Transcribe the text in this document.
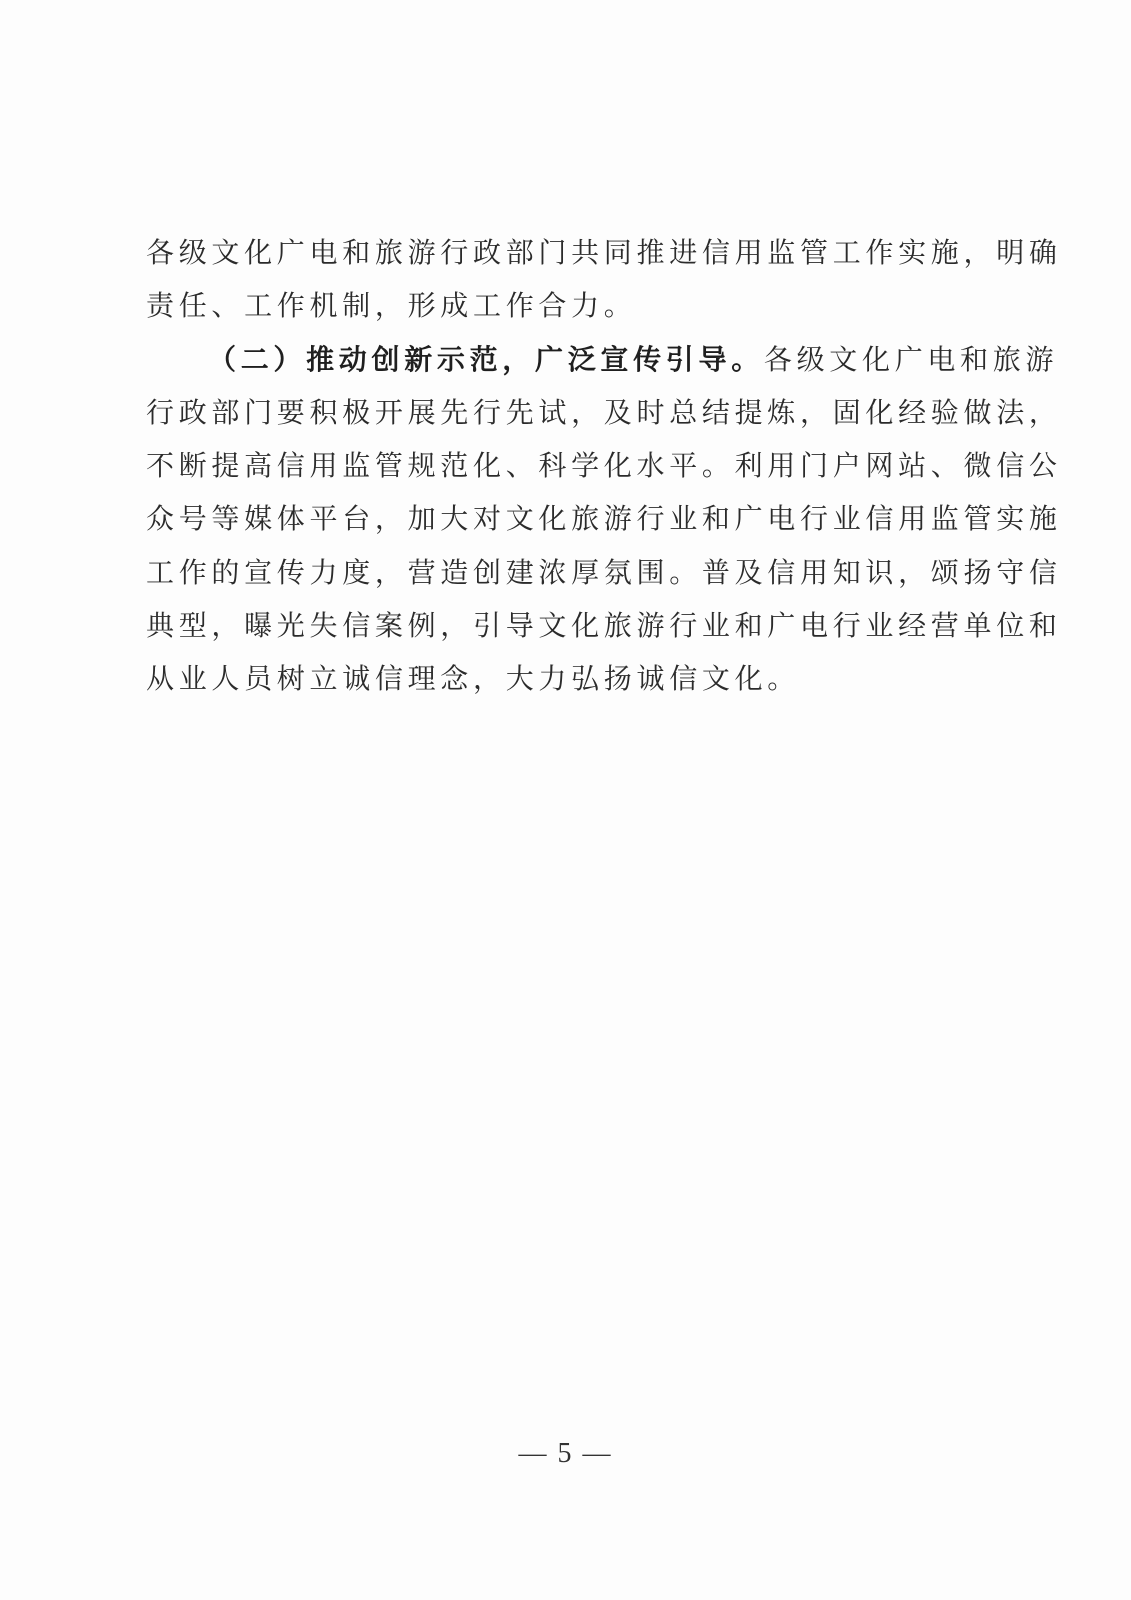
各级文化广电和旅游行政部门共同推进信用监管工作实施，明确
责任、工作机制，形成工作合力。
（二）推动创新示范，广泛宣传引导。各级文化广电和旅游
行政部门要积极开展先行先试，及时总结提炼，固化经验做法，
不断提高信用监管规范化、科学化水平。利用门户网站、微信公
众号等媒体平台，加大对文化旅游行业和广电行业信用监管实施
工作的宣传力度，营造创建浓厚氛围。普及信用知识，颂扬守信
典型，曝光失信案例，引导文化旅游行业和广电行业经营单位和
从业人员树立诚信理念，大力弘扬诚信文化。
— 5 —
